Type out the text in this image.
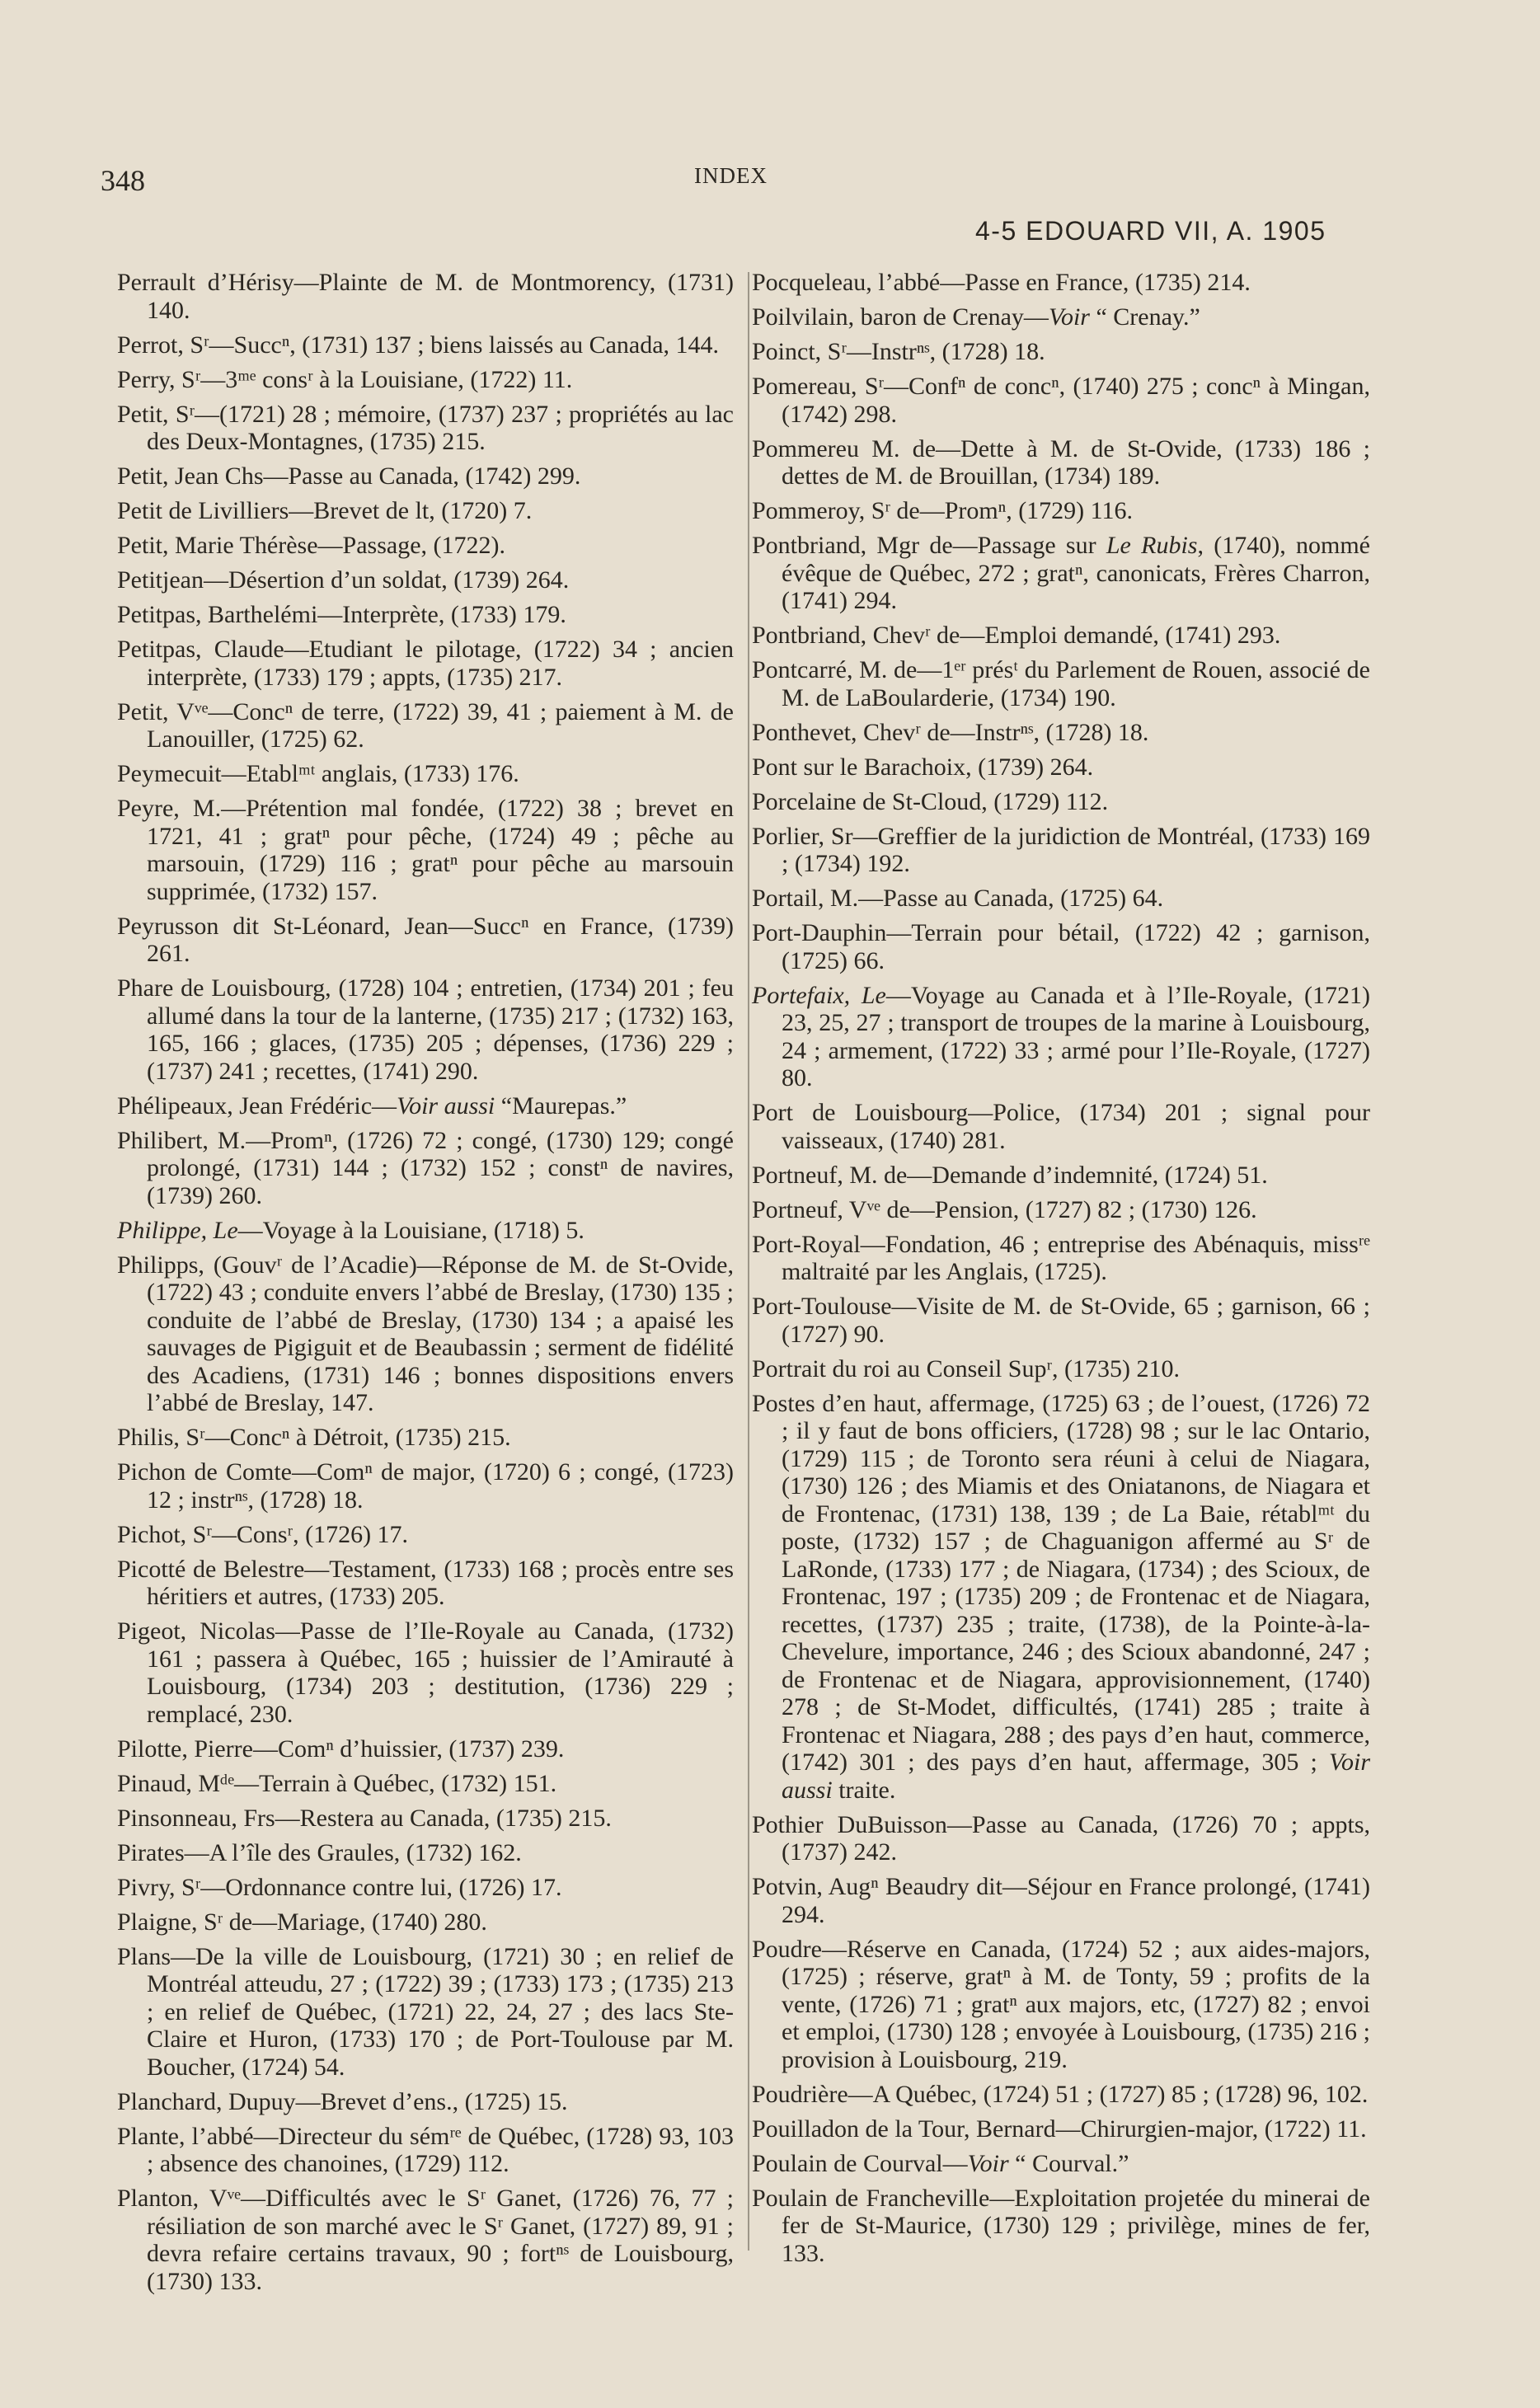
348	INDEX
4-5 EDOUARD VII, A. 1905

Perrault d’Hérisy—Plainte de M. de Montmorency, (1731) 140.

Perrot, Sʳ—Succⁿ, (1731) 137 ; biens laissés au Canada, 144.

Perry, Sʳ—3ᵐᵉ consʳ à la Louisiane, (1722) 11.

Petit, Sʳ—(1721) 28 ; mémoire, (1737) 237 ; propriétés au lac des Deux-Montagnes, (1735) 215.

Petit, Jean Chs—Passe au Canada, (1742) 299.

Petit de Livilliers—Brevet de lt, (1720) 7.

Petit, Marie Thérèse—Passage, (1722).

Petitjean—Désertion d’un soldat, (1739) 264.

Petitpas, Barthelémi—Interprète, (1733) 179.

Petitpas, Claude—Etudiant le pilotage, (1722) 34 ; ancien interprète, (1733) 179 ; appts, (1735) 217.

Petit, Vᵛᵉ—Concⁿ de terre, (1722) 39, 41 ; paiement à M. de Lanouiller, (1725) 62.

Peymecuit—Etablᵐᵗ anglais, (1733) 176.

Peyre, M.—Prétention mal fondée, (1722) 38 ; brevet en 1721, 41 ; gratⁿ pour pêche, (1724) 49 ; pêche au marsouin, (1729) 116 ; gratⁿ pour pêche au marsouin supprimée, (1732) 157.

Peyrusson dit St-Léonard, Jean—Succⁿ en France, (1739) 261.

Phare de Louisbourg, (1728) 104 ; entretien, (1734) 201 ; feu allumé dans la tour de la lanterne, (1735) 217 ; (1732) 163, 165, 166 ; glaces, (1735) 205 ; dépenses, (1736) 229 ; (1737) 241 ; recettes, (1741) 290.

Phélipeaux, Jean Frédéric—Voir aussi “Maurepas.”

Philibert, M.—Promⁿ, (1726) 72 ; congé, (1730) 129; congé prolongé, (1731) 144 ; (1732) 152 ; constⁿ de navires, (1739) 260.

Philippe, Le—Voyage à la Louisiane, (1718) 5.

Philipps, (Gouvʳ de l’Acadie)—Réponse de M. de St-Ovide, (1722) 43 ; conduite envers l’abbé de Breslay, (1730) 135 ; conduite de l’abbé de Breslay, (1730) 134 ; a apaisé les sauvages de Pigiguit et de Beaubassin ; serment de fidélité des Acadiens, (1731) 146 ; bonnes dispositions envers l’abbé de Breslay, 147.

Philis, Sʳ—Concⁿ à Détroit, (1735) 215.

Pichon de Comte—Comⁿ de major, (1720) 6 ; congé, (1723) 12 ; instrⁿˢ, (1728) 18.

Pichot, Sʳ—Consʳ, (1726) 17.

Picotté de Belestre—Testament, (1733) 168 ; procès entre ses héritiers et autres, (1733) 205.

Pigeot, Nicolas—Passe de l’Ile-Royale au Canada, (1732) 161 ; passera à Québec, 165 ; huissier de l’Amirauté à Louisbourg, (1734) 203 ; destitution, (1736) 229 ; remplacé, 230.

Pilotte, Pierre—Comⁿ d’huissier, (1737) 239.

Pinaud, Mᵈᵉ—Terrain à Québec, (1732) 151.

Pinsonneau, Frs—Restera au Canada, (1735) 215.

Pirates—A l’île des Graules, (1732) 162.

Pivry, Sʳ—Ordonnance contre lui, (1726) 17.

Plaigne, Sʳ de—Mariage, (1740) 280.

Plans—De la ville de Louisbourg, (1721) 30 ; en relief de Montréal atteudu, 27 ; (1722) 39 ; (1733) 173 ; (1735) 213 ; en relief de Québec, (1721) 22, 24, 27 ; des lacs Ste-Claire et Huron, (1733) 170 ; de Port-Toulouse par M. Boucher, (1724) 54.

Planchard, Dupuy—Brevet d’ens., (1725) 15.

Plante, l’abbé—Directeur du sémʳᵉ de Québec, (1728) 93, 103 ; absence des chanoines, (1729) 112.

Planton, Vᵛᵉ—Difficultés avec le Sʳ Ganet, (1726) 76, 77 ; résiliation de son marché avec le Sʳ Ganet, (1727) 89, 91 ; devra refaire certains travaux, 90 ; fortⁿˢ de Louisbourg, (1730) 133.

Pocqueleau, l’abbé—Passe en France, (1735) 214.

Poilvilain, baron de Crenay—Voir “ Crenay.”

Poinct, Sʳ—Instrⁿˢ, (1728) 18.

Pomereau, Sʳ—Confⁿ de concⁿ, (1740) 275 ; concⁿ à Mingan, (1742) 298.

Pommereu M. de—Dette à M. de St-Ovide, (1733) 186 ; dettes de M. de Brouillan, (1734) 189.

Pommeroy, Sʳ de—Promⁿ, (1729) 116.

Pontbriand, Mgr de—Passage sur Le Rubis, (1740), nommé évêque de Québec, 272 ; gratⁿ, canonicats, Frères Charron, (1741) 294.

Pontbriand, Chevʳ de—Emploi demandé, (1741) 293.

Pontcarré, M. de—1ᵉʳ présᵗ du Parlement de Rouen, associé de M. de LaBoularderie, (1734) 190.

Ponthevet, Chevʳ de—Instrⁿˢ, (1728) 18.

Pont sur le Barachoix, (1739) 264.

Porcelaine de St-Cloud, (1729) 112.

Porlier, Sr—Greffier de la juridiction de Montréal, (1733) 169 ; (1734) 192.

Portail, M.—Passe au Canada, (1725) 64.

Port-Dauphin—Terrain pour bétail, (1722) 42 ; garnison, (1725) 66.

Portefaix, Le—Voyage au Canada et à l’Ile-Royale, (1721) 23, 25, 27 ; transport de troupes de la marine à Louisbourg, 24 ; armement, (1722) 33 ; armé pour l’Ile-Royale, (1727) 80.

Port de Louisbourg—Police, (1734) 201 ; signal pour vaisseaux, (1740) 281.

Portneuf, M. de—Demande d’indemnité, (1724) 51.

Portneuf, Vᵛᵉ de—Pension, (1727) 82 ; (1730) 126.

Port-Royal—Fondation, 46 ; entreprise des Abénaquis, missʳᵉ maltraité par les Anglais, (1725).

Port-Toulouse—Visite de M. de St-Ovide, 65 ; garnison, 66 ; (1727) 90.

Portrait du roi au Conseil Supʳ, (1735) 210.

Postes d’en haut, affermage, (1725) 63 ; de l’ouest, (1726) 72 ; il y faut de bons officiers, (1728) 98 ; sur le lac Ontario, (1729) 115 ; de Toronto sera réuni à celui de Niagara, (1730) 126 ; des Miamis et des Oniatanons, de Niagara et de Frontenac, (1731) 138, 139 ; de La Baie, rétablᵐᵗ du poste, (1732) 157 ; de Chaguanigon affermé au Sʳ de LaRonde, (1733) 177 ; de Niagara, (1734) ; des Scioux, de Frontenac, 197 ; (1735) 209 ; de Frontenac et de Niagara, recettes, (1737) 235 ; traite, (1738), de la Pointe-à-la-Chevelure, importance, 246 ; des Scioux abandonné, 247 ; de Frontenac et de Niagara, approvisionnement, (1740) 278 ; de St-Modet, difficultés, (1741) 285 ; traite à Frontenac et Niagara, 288 ; des pays d’en haut, commerce, (1742) 301 ; des pays d’en haut, affermage, 305 ; Voir aussi traite.

Pothier DuBuisson—Passe au Canada, (1726) 70 ; appts, (1737) 242.

Potvin, Augⁿ Beaudry dit—Séjour en France prolongé, (1741) 294.

Poudre—Réserve en Canada, (1724) 52 ; aux aides-majors, (1725) ; réserve, gratⁿ à M. de Tonty, 59 ; profits de la vente, (1726) 71 ; gratⁿ aux majors, etc, (1727) 82 ; envoi et emploi, (1730) 128 ; envoyée à Louisbourg, (1735) 216 ; provision à Louisbourg, 219.

Poudrière—A Québec, (1724) 51 ; (1727) 85 ; (1728) 96, 102.

Pouilladon de la Tour, Bernard—Chirurgien-major, (1722) 11.

Poulain de Courval—Voir “ Courval.”

Poulain de Francheville—Exploitation projetée du minerai de fer de St-Maurice, (1730) 129 ; privilège, mines de fer, 133.
